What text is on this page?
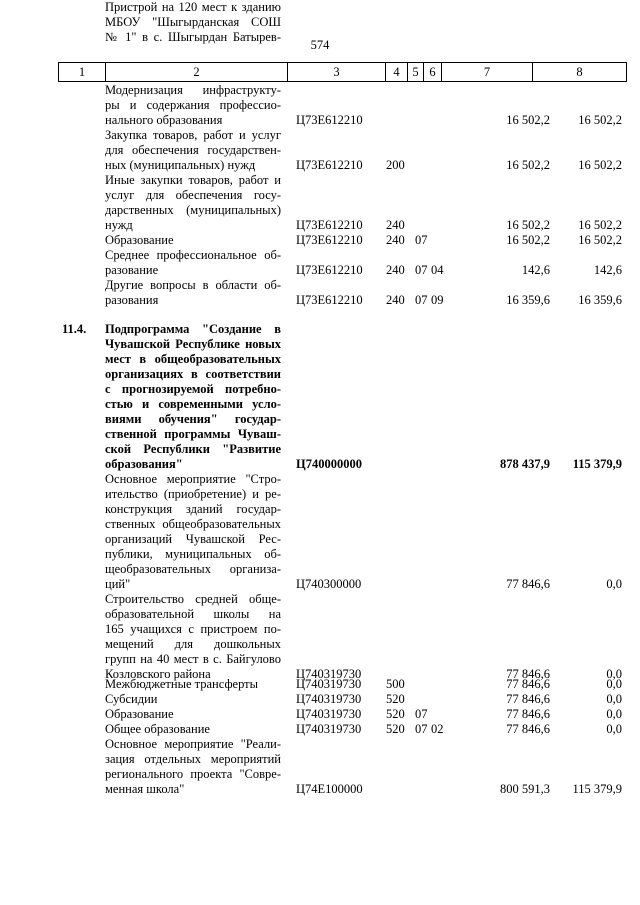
574
1	2	3	4	5	6	7	8
Модернизация инфраструкту-
ры и содержания профессио-
нального образования	Ц73Е612210	16 502,2	16 502,2
Закупка товаров, работ и услуг
для обеспечения государствен-
ных (муниципальных) нужд	Ц73Е612210	200	16 502,2	16 502,2
Иные закупки товаров, работ и
услуг для обеспечения госу-
дарственных (муниципальных)
нужд	Ц73Е612210	240	16 502,2	16 502,2
Образование	Ц73Е612210	240 07	16 502,2	16 502,2
Среднее профессиональное об-
разование	Ц73Е612210	240 07 04	142,6	142,6
Другие вопросы в области об-
разования	Ц73Е612210	240 07 09	16 359,6	16 359,6
11.4.	Подпрограмма "Создание в
Чувашской Республике новых
мест в общеобразовательных
организациях в соответствии
с прогнозируемой потребно-
стью и современными усло-
виями обучения" государ-
ственной программы Чуваш-
ской Республики "Развитие
образования"	Ц740000000	878 437,9	115 379,9
Основное мероприятие "Стро-
ительство (приобретение) и ре-
конструкция зданий государ-
ственных общеобразовательных
организаций Чувашской Рес-
публики, муниципальных об-
щеобразовательных организа-
ций"	Ц740300000	77 846,6	0,0
Строительство средней обще-
образовательной школы на
165 учащихся с пристроем по-
мещений для дошкольных
групп на 40 мест в с. Байгулово
Козловского района	Ц740319730	77 846,6	0,0
Межбюджетные трансферты	Ц740319730	500	77 846,6	0,0
Субсидии	Ц740319730	520	77 846,6	0,0
Образование	Ц740319730	520 07	77 846,6	0,0
Общее образование	Ц740319730	520 07 02	77 846,6	0,0
Основное мероприятие "Реали-
зация отдельных мероприятий
регионального проекта "Совре-
менная школа"	Ц74Е100000	800 591,3	115 379,9
Пристрой на 120 мест к зданию
МБОУ "Шыгырданская СОШ
№ 1" в с. Шыгырдан Батырев-
